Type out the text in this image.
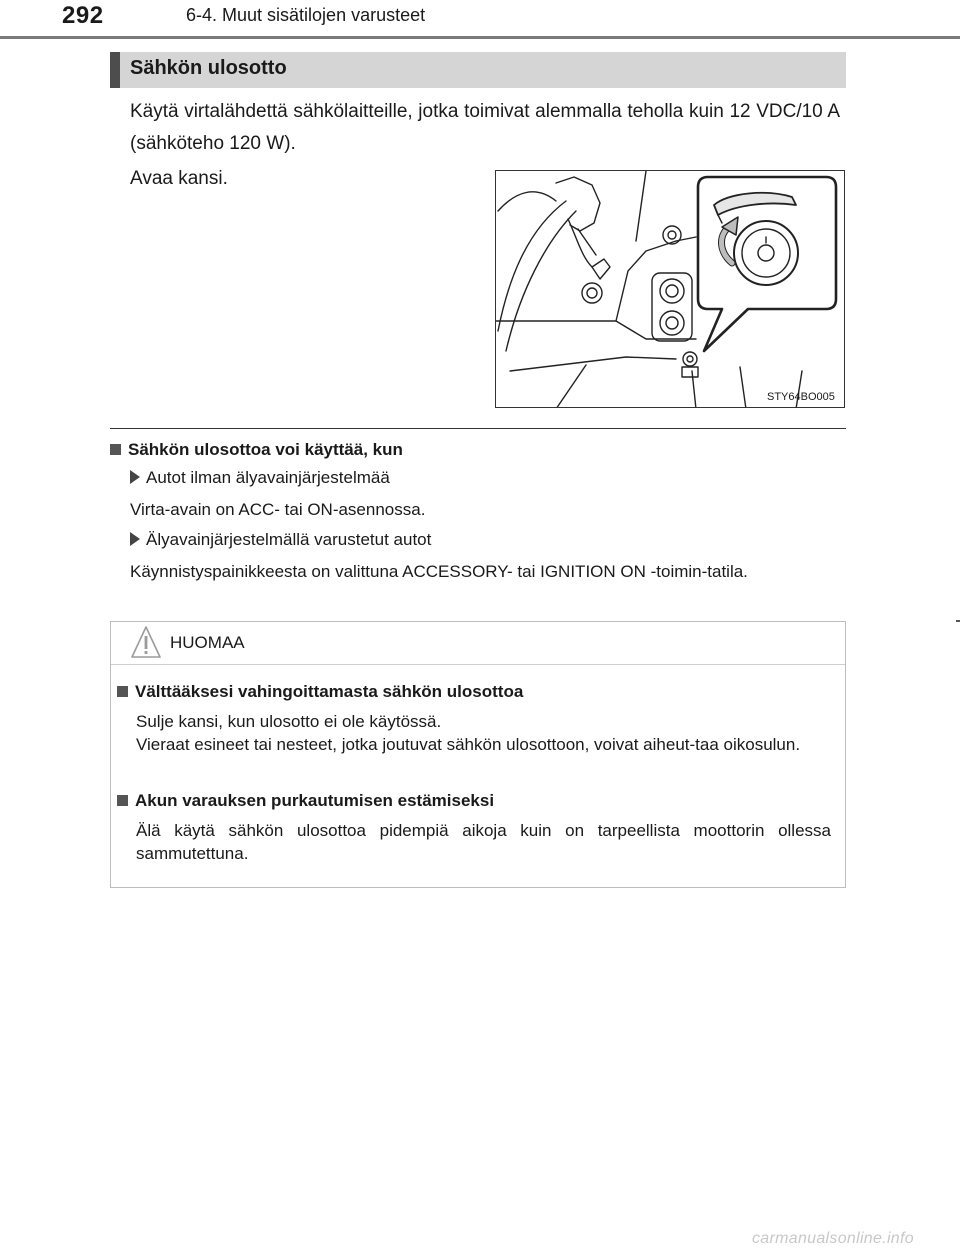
292	6-4. Muut sisätilojen varusteet
Sähkön ulosotto
Käytä virtalähdettä sähkölaitteille, jotka toimivat alemmalla teholla kuin 12 VDC/10 A (sähköteho 120 W).
Avaa kansi.
STY64BO005
Sähkön ulosottoa voi käyttää, kun
Autot ilman älyavainjärjestelmää
Virta-avain on ACC- tai ON-asennossa.
Älyavainjärjestelmällä varustetut autot
Käynnistyspainikkeesta on valittuna ACCESSORY- tai IGNITION ON -toimin-tatila.
HUOMAA
Välttääksesi vahingoittamasta sähkön ulosottoa
Sulje kansi, kun ulosotto ei ole käytössä.
Vieraat esineet tai nesteet, jotka joutuvat sähkön ulosottoon, voivat aiheut-taa oikosulun.
Akun varauksen purkautumisen estämiseksi
Älä käytä sähkön ulosottoa pidempiä aikoja kuin on tarpeellista moottorin ollessa sammutettuna.
carmanualsonline.info
